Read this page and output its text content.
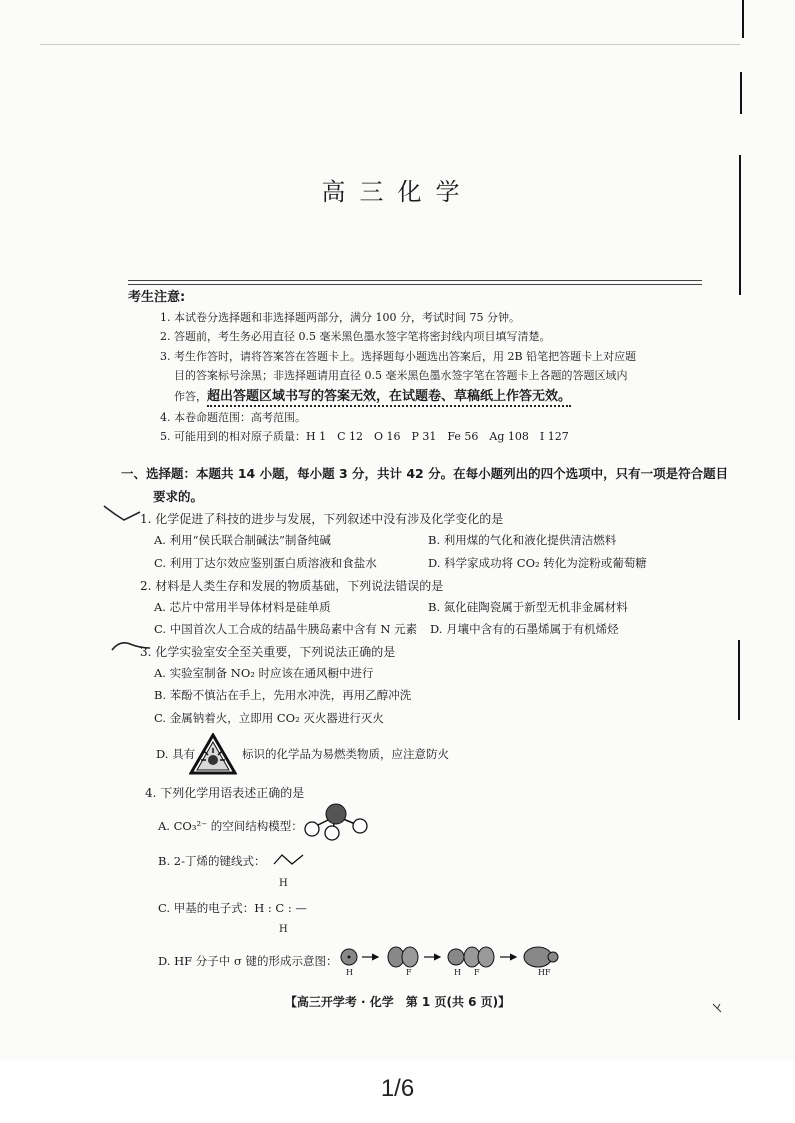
高三化学
考生注意:
1. 本试卷分选择题和非选择题两部分，满分 100 分，考试时间 75 分钟。
2. 答题前，考生务必用直径 0.5 毫米黑色墨水签字笔将密封线内项目填写清楚。
3. 考生作答时，请将答案答在答题卡上。选择题每小题选出答案后，用 2B 铅笔把答题卡上对应题
目的答案标号涂黑；非选择题请用直径 0.5 毫米黑色墨水签字笔在答题卡上各题的答题区域内
作答，超出答题区域书写的答案无效，在试题卷、草稿纸上作答无效。
4. 本卷命题范围：高考范围。
5. 可能用到的相对原子质量：H 1　C 12　O 16　P 31　Fe 56　Ag 108　I 127
一、选择题：本题共 14 小题，每小题 3 分，共计 42 分。在每小题列出的四个选项中，只有一项是符合题目
要求的。
1. 化学促进了科技的进步与发展，下列叙述中没有涉及化学变化的是
A. 利用“侯氏联合制碱法”制备纯碱	B. 利用煤的气化和液化提供清洁燃料
C. 利用丁达尔效应鉴别蛋白质溶液和食盐水	D. 科学家成功将 CO₂ 转化为淀粉或葡萄糖
2. 材料是人类生存和发展的物质基础，下列说法错误的是
A. 芯片中常用半导体材料是硅单质	B. 氮化硅陶瓷属于新型无机非金属材料
C. 中国首次人工合成的结晶牛胰岛素中含有 N 元素 D. 月壤中含有的石墨烯属于有机烯烃
3. 化学实验室安全至关重要，下列说法正确的是
A. 实验室制备 NO₂ 时应该在通风橱中进行
B. 苯酚不慎沾在手上，先用水冲洗，再用乙醇冲洗
C. 金属钠着火，立即用 CO₂ 灭火器进行灭火
D. 具有	标识的化学品为易燃类物质，应注意防火
4. 下列化学用语表述正确的是
A. CO₃²⁻ 的空间结构模型：
B. 2-丁烯的键线式：
H
C. 甲基的电子式：H : C : —
H
D. HF 分子中 σ 键的形成示意图：
H	F	H F	HF
【高三开学考 · 化学　第 1 页(共 6 页)】
1/6
